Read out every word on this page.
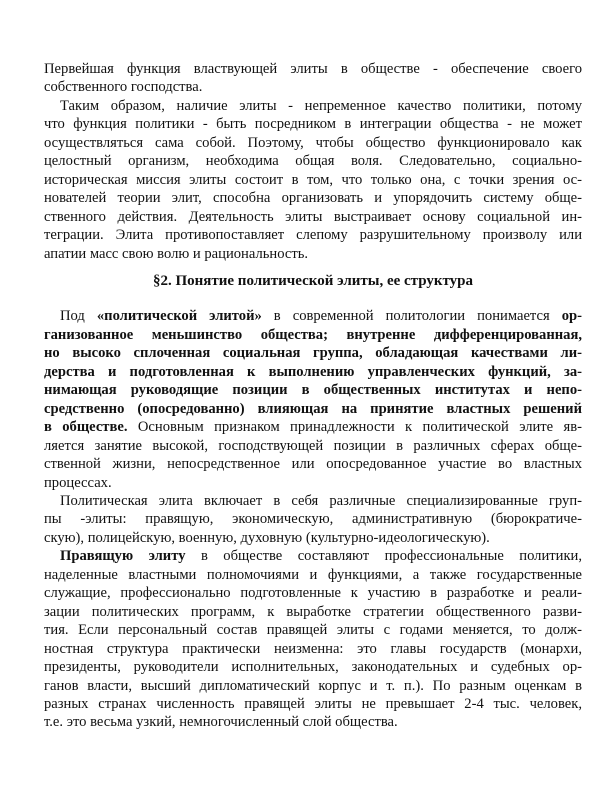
Первейшая функция властвующей элиты в обществе - обеспечение своего
собственного господства.
Таким образом, наличие элиты - непременное качество политики, потому
что функция политики - быть посредником в интеграции общества - не может
осуществляться сама собой. Поэтому, чтобы общество функционировало как
целостный организм, необходима общая воля. Следовательно, социально-
историческая миссия элиты состоит в том, что только она, с точки зрения ос-
нователей теории элит, способна организовать и упорядочить систему обще-
ственного действия. Деятельность элиты выстраивает основу социальной ин-
теграции. Элита противопоставляет слепому разрушительному произволу или
апатии масс свою волю и рациональность.
§2. Понятие политической элиты, ее структура
Под «политической элитой» в современной политологии понимается ор-
ганизованное меньшинство общества; внутренне дифференцированная,
но высоко сплоченная социальная группа, обладающая качествами ли-
дерства и подготовленная к выполнению управленческих функций, за-
нимающая руководящие позиции в общественных институтах и непо-
средственно (опосредованно) влияющая на принятие властных решений
в обществе. Основным признаком принадлежности к политической элите яв-
ляется занятие высокой, господствующей позиции в различных сферах обще-
ственной жизни, непосредственное или опосредованное участие во властных
процессах.
Политическая элита включает в себя различные специализированные груп-
пы -элиты: правящую, экономическую, административную (бюрократиче-
скую), полицейскую, военную, духовную (культурно-идеологическую).
Правящую элиту в обществе составляют профессиональные политики,
наделенные властными полномочиями и функциями, а также государственные
служащие, профессионально подготовленные к участию в разработке и реали-
зации политических программ, к выработке стратегии общественного разви-
тия. Если персональный состав правящей элиты с годами меняется, то долж-
ностная структура практически неизменна: это главы государств (монархи,
президенты, руководители исполнительных, законодательных и судебных ор-
ганов власти, высший дипломатический корпус и т. п.). По разным оценкам в
разных странах численность правящей элиты не превышает 2-4 тыс. человек,
т.е. это весьма узкий, немногочисленный слой общества.
